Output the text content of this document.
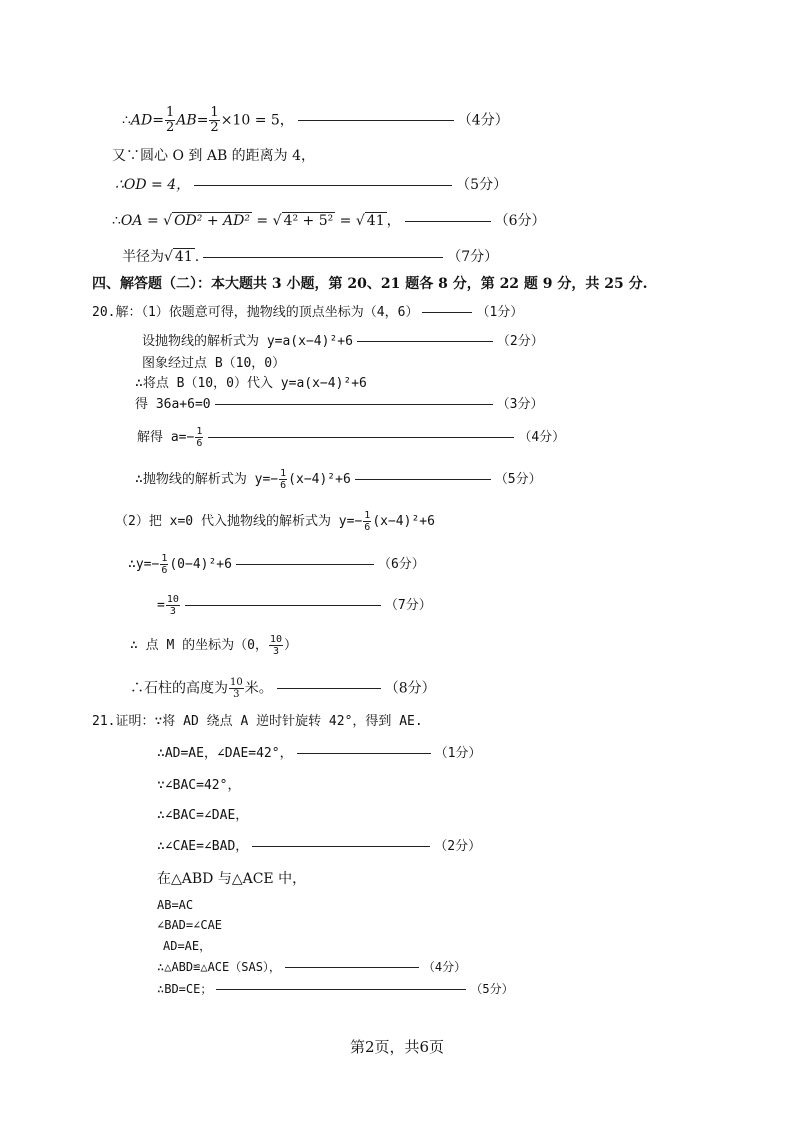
∴AD= $\frac{1}{2} AB= \frac{1}{2} \times 10 = 5$，	（4分）
又∵圆心 O 到 AB 的距离为 4，
∴OD = 4，	（5分）
∴OA = √ OD² + AD² = √ 4² + 5² = √ 41 ，	（6分）
半径为√ 41 .	（7分）
四、解答题（二）：本大题共 3 小题，第 20、21 题各 8 分，第 22 题 9 分，共 25 分.
20.解：（1）依题意可得，抛物线的顶点坐标为（4，6）	（1分）
设抛物线的解析式为 y=a(x−4)²+6	（2分）
图象经过点 B（10，0）
∴将点 B（10，0）代入 y=a(x−4)²+6
得 36a+6=0	（3分）
解得 $a=- \frac{1}{6}$	（4分）
∴抛物线的解析式为 $y=- \frac{1}{6} (x-4)^2+6$	（5分）
（2）把 x=0 代入抛物线的解析式为 $y=- \frac{1}{6} (x-4)^2+6$
∴y=− $\frac{1}{6} (0-4)^2+6$	（6分）
= $\frac{10}{3}$	（7分）
∴ 点 M 的坐标为（0， $\frac{10}{3}$ ）
∴石柱的高度为 $\frac{10}{3}$ 米。	（8分）
21.证明：∵将 AD 绕点 A 逆时针旋转 42°，得到 AE.
∴AD=AE，∠DAE=42°，	（1分）
∵∠BAC=42°，
∴∠BAC=∠DAE，
∴∠CAE=∠BAD，	（2分）
在△ABD 与△ACE 中，
AB=AC
∠BAD=∠CAE
AD=AE，
∴△ABD≌△ACE（SAS），	（4分）
∴BD=CE；	（5分）
第2页，共6页
